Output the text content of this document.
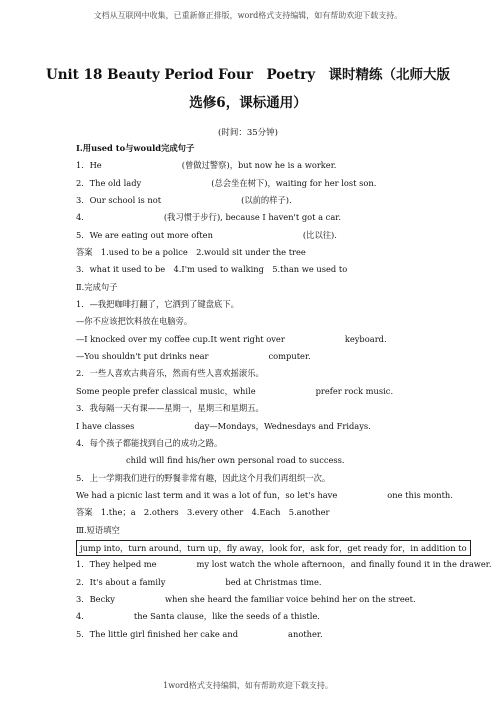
文档从互联网中收集，已重新修正排版，word格式支持编辑，如有帮助欢迎下载支持。
Unit 18 Beauty Period Four　Poetry　课时精练（北师大版
选修6，课标通用）
(时间：35分钟)
Ⅰ.用used to与would完成句子
1．He	(曾做过警察)，but now he is a worker.
2．The old lady	(总会坐在树下)，waiting for her lost son.
3．Our school is not	(以前的样子).
4.	(我习惯于步行), because I haven't got a car.
5．We are eating out more often	(比以往).
答案　1.used to be a police　2.would sit under the tree
3．what it used to be　4.I'm used to walking　5.than we used to
Ⅱ.完成句子
1．—我把咖啡打翻了，它洒到了键盘底下。
—你不应该把饮料放在电脑旁。
—I knocked over my coffee cup.It went right over	keyboard.
—You shouldn't put drinks near	computer.
2．一些人喜欢古典音乐，然而有些人喜欢摇滚乐。
Some people prefer classical music，while	prefer rock music.
3．我每隔一天有课——星期一，星期三和星期五。
I have classes	day—Mondays，Wednesdays and Fridays.
4．每个孩子都能找到自己的成功之路。
child will find his/her own personal road to success.
5．上一学期我们进行的野餐非常有趣，因此这个月我们再组织一次。
We had a picnic last term and it was a lot of fun，so let's have	one this month.
答案　1.the；a　2.others　3.every other　4.Each　5.another
Ⅲ.短语填空
jump into，turn around，turn up，fly away，look for，ask for，get ready for，in addition to
1．They helped me	my lost watch the whole afternoon，and finally found it in the drawer.
2．It's about a family	bed at Christmas time.
3．Becky	when she heard the familiar voice behind her on the street.
4.	the Santa clause，like the seeds of a thistle.
5．The little girl finished her cake and	another.
1word格式支持编辑，如有帮助欢迎下载支持。
